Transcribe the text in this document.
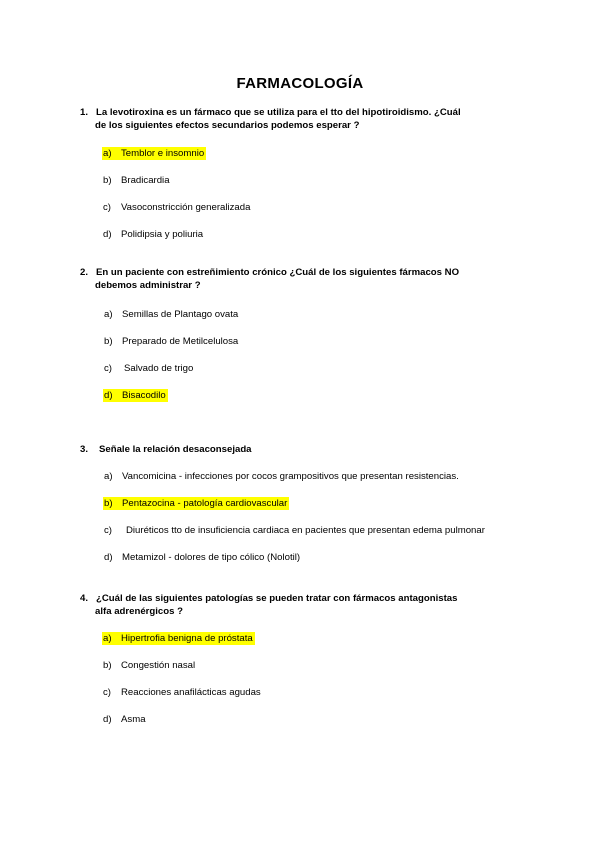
FARMACOLOGÍA
1. La levotiroxina es un fármaco que se utiliza para el tto del hipotiroidismo. ¿Cuál
de los siguientes efectos secundarios podemos esperar ?
a) Temblor e insomnio
b) Bradicardia
c) Vasoconstricción generalizada
d) Polidipsia y poliuria
2. En un paciente con estreñimiento crónico ¿Cuál de los siguientes fármacos NO
debemos administrar ?
a) Semillas de Plantago ovata
b) Preparado de Metilcelulosa
c) Salvado de trigo
d) Bisacodilo
3. Señale la relación desaconsejada
a) Vancomicina - infecciones por cocos grampositivos que presentan resistencias.
b) Pentazocina - patología cardiovascular
c) Diuréticos tto de insuficiencia cardiaca en pacientes que presentan edema pulmonar
d) Metamizol - dolores de tipo cólico (Nolotil)
4. ¿Cuál de las siguientes patologías se pueden tratar con fármacos antagonistas
alfa adrenérgicos ?
a) Hipertrofia benigna de próstata
b) Congestión nasal
c) Reacciones anafilácticas agudas
d) Asma
